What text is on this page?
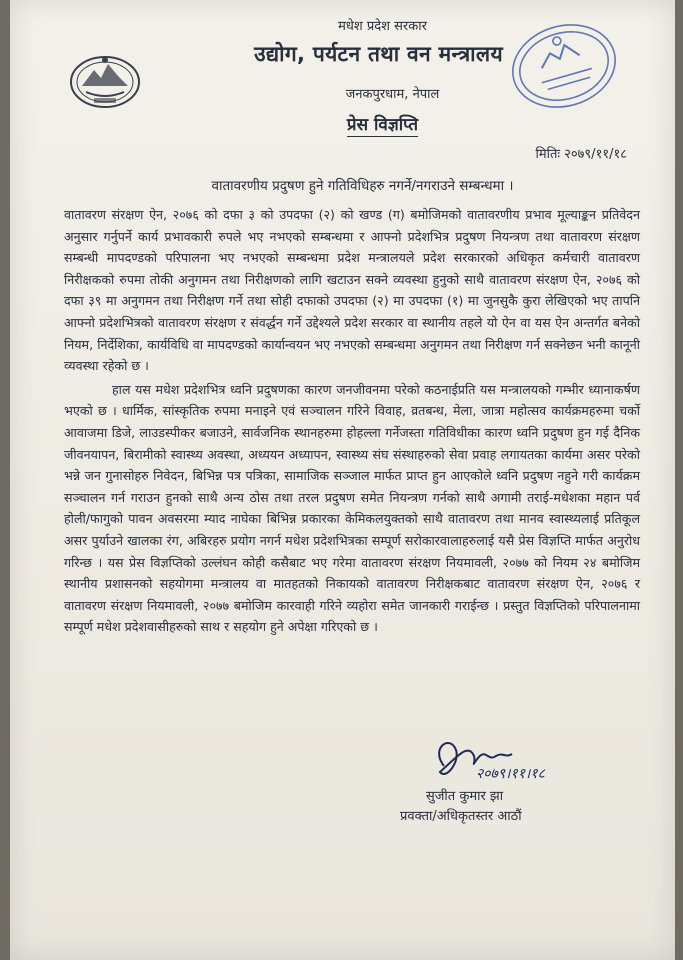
मधेश प्रदेश सरकार
उद्योग, पर्यटन तथा वन मन्त्रालय
जनकपुरधाम, नेपाल
प्रेस विज्ञप्ति
मितिः २०७९/११/१८
वातावरणीय प्रदुषण हुने गतिविधिहरु नगर्ने/नगराउने सम्बन्धमा ।

वातावरण संरक्षण ऐन, २०७६ को दफा ३ को उपदफा (२) को खण्ड (ग) बमोजिमको वातावरणीय प्रभाव मूल्याङ्कन प्रतिवेदन अनुसार गर्नुपर्ने कार्य प्रभावकारी रुपले भए नभएको सम्बन्धमा र आफ्नो प्रदेशभित्र प्रदुषण नियन्त्रण तथा वातावरण संरक्षण सम्बन्धी मापदण्डको परिपालना भए नभएको सम्बन्धमा प्रदेश मन्त्रालयले प्रदेश सरकारको अधिकृत कर्मचारी वातावरण निरीक्षकको रुपमा तोकी अनुगमन तथा निरीक्षणको लागि खटाउन सक्ने व्यवस्था हुनुको साथै वातावरण संरक्षण ऐन, २०७६ को दफा ३९ मा अनुगमन तथा निरीक्षण गर्ने तथा सोही दफाको उपदफा (२) मा उपदफा (१) मा जुनसुकै कुरा लेखिएको भए तापनि आफ्नो प्रदेशभित्रको वातावरण संरक्षण र संवर्द्धन गर्ने उद्देश्यले प्रदेश सरकार वा स्थानीय तहले यो ऐन वा यस ऐन अन्तर्गत बनेको नियम, निर्देशिका, कार्यविधि वा मापदण्डको कार्यान्वयन भए नभएको सम्बन्धमा अनुगमन तथा निरीक्षण गर्न सक्नेछन भनी कानूनी व्यवस्था रहेको छ ।

हाल यस मधेश प्रदेशभित्र ध्वनि प्रदुषणका कारण जनजीवनमा परेको कठनाईप्रति यस मन्त्रालयको गम्भीर ध्यानाकर्षण भएको छ । धार्मिक, सांस्कृतिक रुपमा मनाइने एवं सञ्चालन गरिने विवाह, व्रतबन्ध, मेला, जात्रा महोत्सव कार्यक्रमहरुमा चर्को आवाजमा डिजे, लाउडस्पीकर बजाउने, सार्वजनिक स्थानहरुमा होहल्ला गर्नेजस्ता गतिविधीका कारण ध्वनि प्रदुषण हुन गई दैनिक जीवनयापन, बिरामीको स्वास्थ्य अवस्था, अध्ययन अध्यापन, स्वास्थ्य संघ संस्थाहरुको सेवा प्रवाह लगायतका कार्यमा असर परेको भन्ने जन गुनासोहरु निवेदन, बिभिन्न पत्र पत्रिका, सामाजिक सञ्जाल मार्फत प्राप्त हुन आएकोले ध्वनि प्रदुषण नहुने गरी कार्यक्रम सञ्चालन गर्न गराउन हुनको साथै अन्य ठोस तथा तरल प्रदुषण समेत नियन्त्रण गर्नको साथै अगामी तराई-मधेशका महान पर्व होली/फागुको पावन अवसरमा म्याद नाघेका बिभिन्न प्रकारका केमिकलयुक्तको साथै वातावरण तथा मानव स्वास्थ्यलाई प्रतिकूल असर पुर्याउने खालका रंग, अबिरहरु प्रयोग नगर्न मधेश प्रदेशभित्रका सम्पूर्ण सरोकारवालाहरुलाई यसै प्रेस विज्ञप्ति मार्फत अनुरोध गरिन्छ । यस प्रेस विज्ञप्तिको उल्लंघन कोही कसैबाट भए गरेमा वातावरण संरक्षण नियमावली, २०७७ को नियम २४ बमोजिम स्थानीय प्रशासनको सहयोगमा मन्त्रालय वा मातहतको निकायको वातावरण निरीक्षकबाट वातावरण संरक्षण ऐन, २०७६ र वातावरण संरक्षण नियमावली, २०७७ बमोजिम कारवाही गरिने व्यहोरा समेत जानकारी गराईन्छ । प्रस्तुत विज्ञप्तिको परिपालनामा सम्पूर्ण मधेश प्रदेशवासीहरुको साथ र सहयोग हुने अपेक्षा गरिएको छ ।

२०७९।११।१८
सुजीत कुमार झा
प्रवक्ता/अधिकृतस्तर आठौं
